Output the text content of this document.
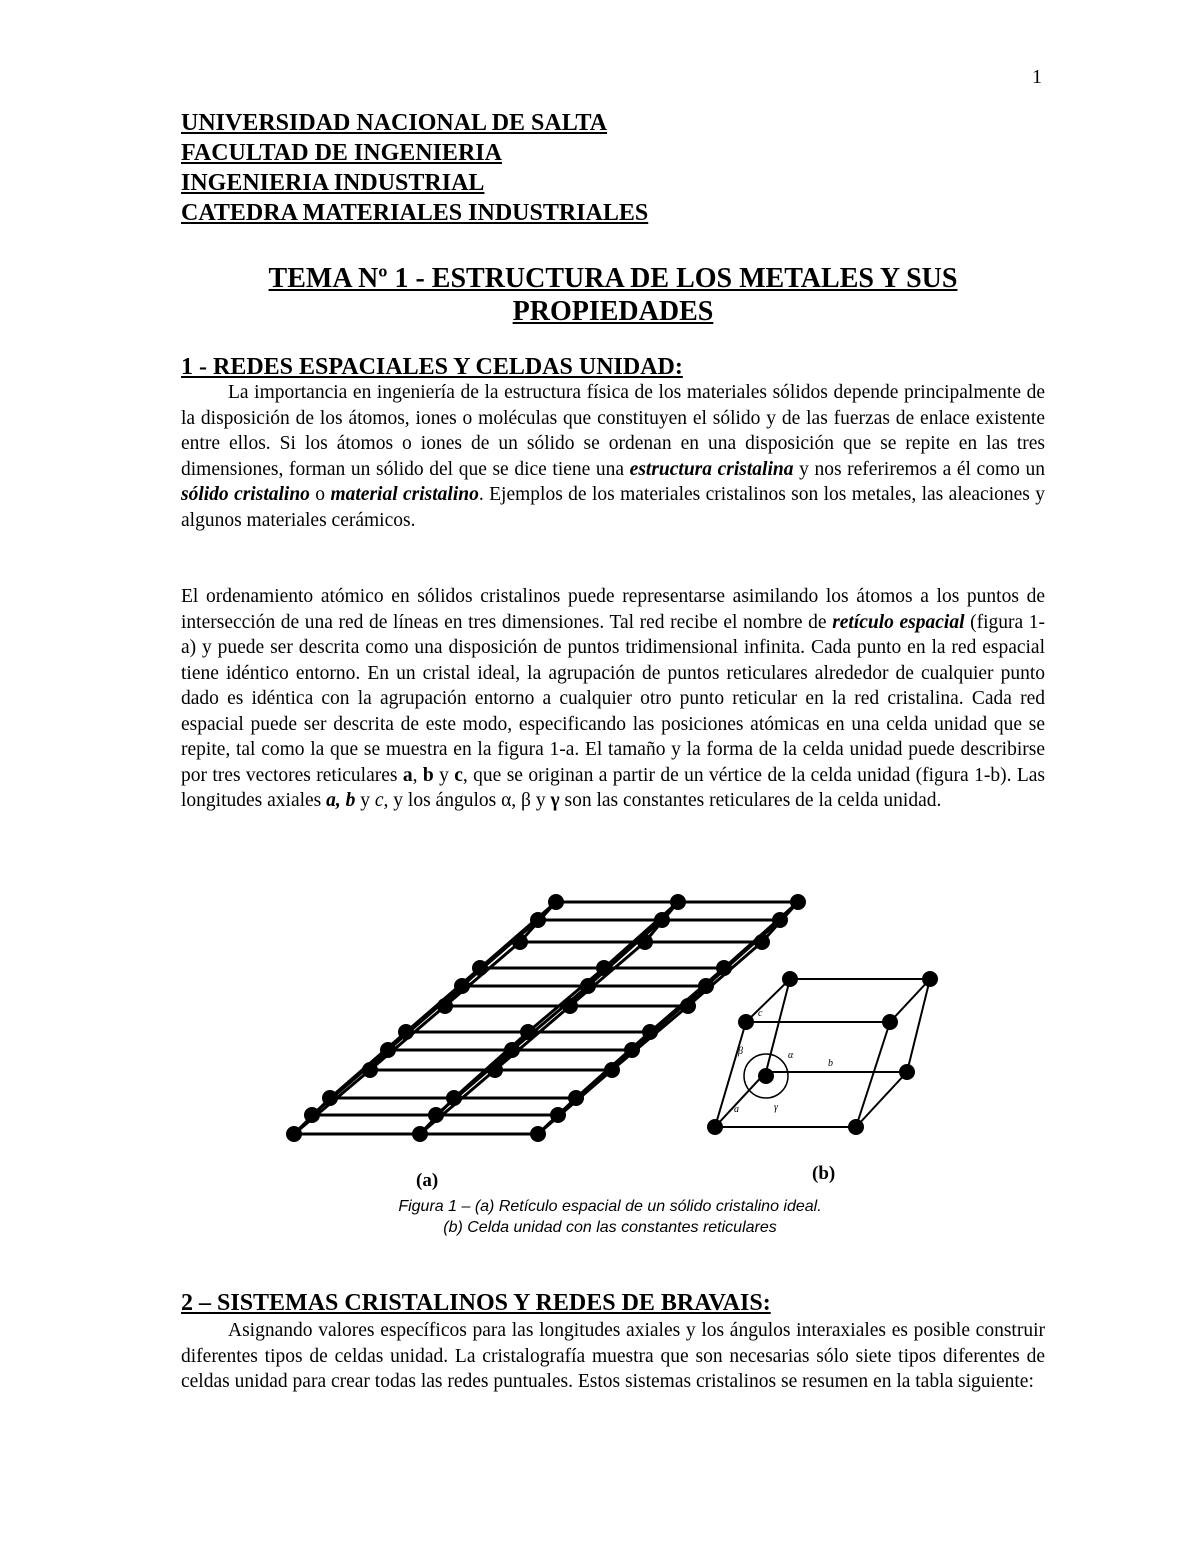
1
UNIVERSIDAD NACIONAL DE SALTA
FACULTAD DE INGENIERIA
INGENIERIA INDUSTRIAL
CATEDRA MATERIALES INDUSTRIALES
TEMA Nº 1 - ESTRUCTURA DE LOS METALES Y SUS
PROPIEDADES
1 - REDES ESPACIALES Y CELDAS UNIDAD:
La importancia en ingeniería de la estructura física de los materiales sólidos depende principalmente de la disposición de los átomos, iones o moléculas que constituyen el sólido y de las fuerzas de enlace existente entre ellos. Si los átomos o iones de un sólido se ordenan en una disposición que se repite en las tres dimensiones, forman un sólido del que se dice tiene una estructura cristalina y nos referiremos a él como un sólido cristalino o material cristalino. Ejemplos de los materiales cristalinos son los metales, las aleaciones y algunos materiales cerámicos.
El ordenamiento atómico en sólidos cristalinos puede representarse asimilando los átomos a los puntos de intersección de una red de líneas en tres dimensiones. Tal red recibe el nombre de retículo espacial (figura 1-a) y puede ser descrita como una disposición de puntos tridimensional infinita. Cada punto en la red espacial tiene idéntico entorno. En un cristal ideal, la agrupación de puntos reticulares alrededor de cualquier punto dado es idéntica con la agrupación entorno a cualquier otro punto reticular en la red cristalina. Cada red espacial puede ser descrita de este modo, especificando las posiciones atómicas en una celda unidad que se repite, tal como la que se muestra en la figura 1-a. El tamaño y la forma de la celda unidad puede describirse por tres vectores reticulares a, b y c, que se originan a partir de un vértice de la celda unidad (figura 1-b). Las longitudes axiales a, b y c, y los ángulos α, β y γ son las constantes reticulares de la celda unidad.
c
b
a
α
β
γ
(a)	(b)
Figura 1 – (a) Retículo espacial de un sólido cristalino ideal.
(b) Celda unidad con las constantes reticulares
2 – SISTEMAS CRISTALINOS Y REDES DE BRAVAIS:
Asignando valores específicos para las longitudes axiales y los ángulos interaxiales es posible construir diferentes tipos de celdas unidad. La cristalografía muestra que son necesarias sólo siete tipos diferentes de celdas unidad para crear todas las redes puntuales. Estos sistemas cristalinos se resumen en la tabla siguiente:
